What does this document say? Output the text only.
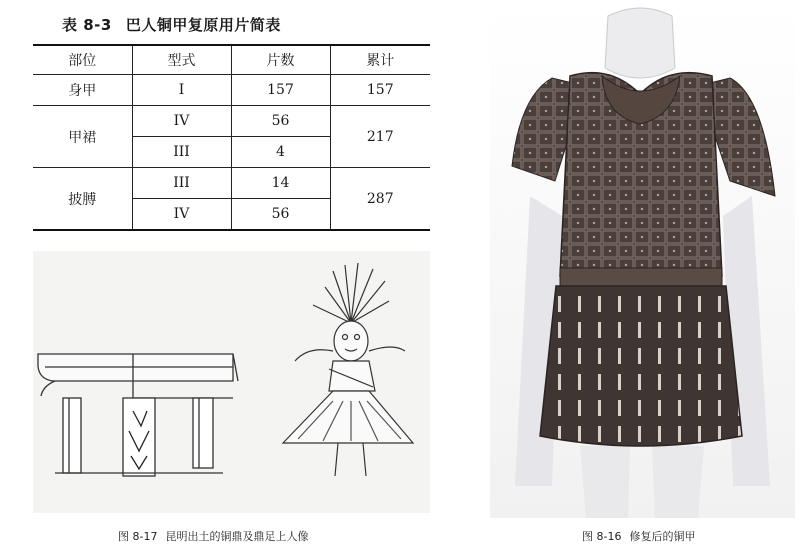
表 8-3 巴人铜甲复原用片简表
部位	型式	片数	累计
身甲	I	157	157
甲裙	IV	56	217
	III	4	
披膊	III	14	287
	IV	56	
图 8-17 昆明出土的铜鼎及鼎足上人像	图 8-16 修复后的铜甲
